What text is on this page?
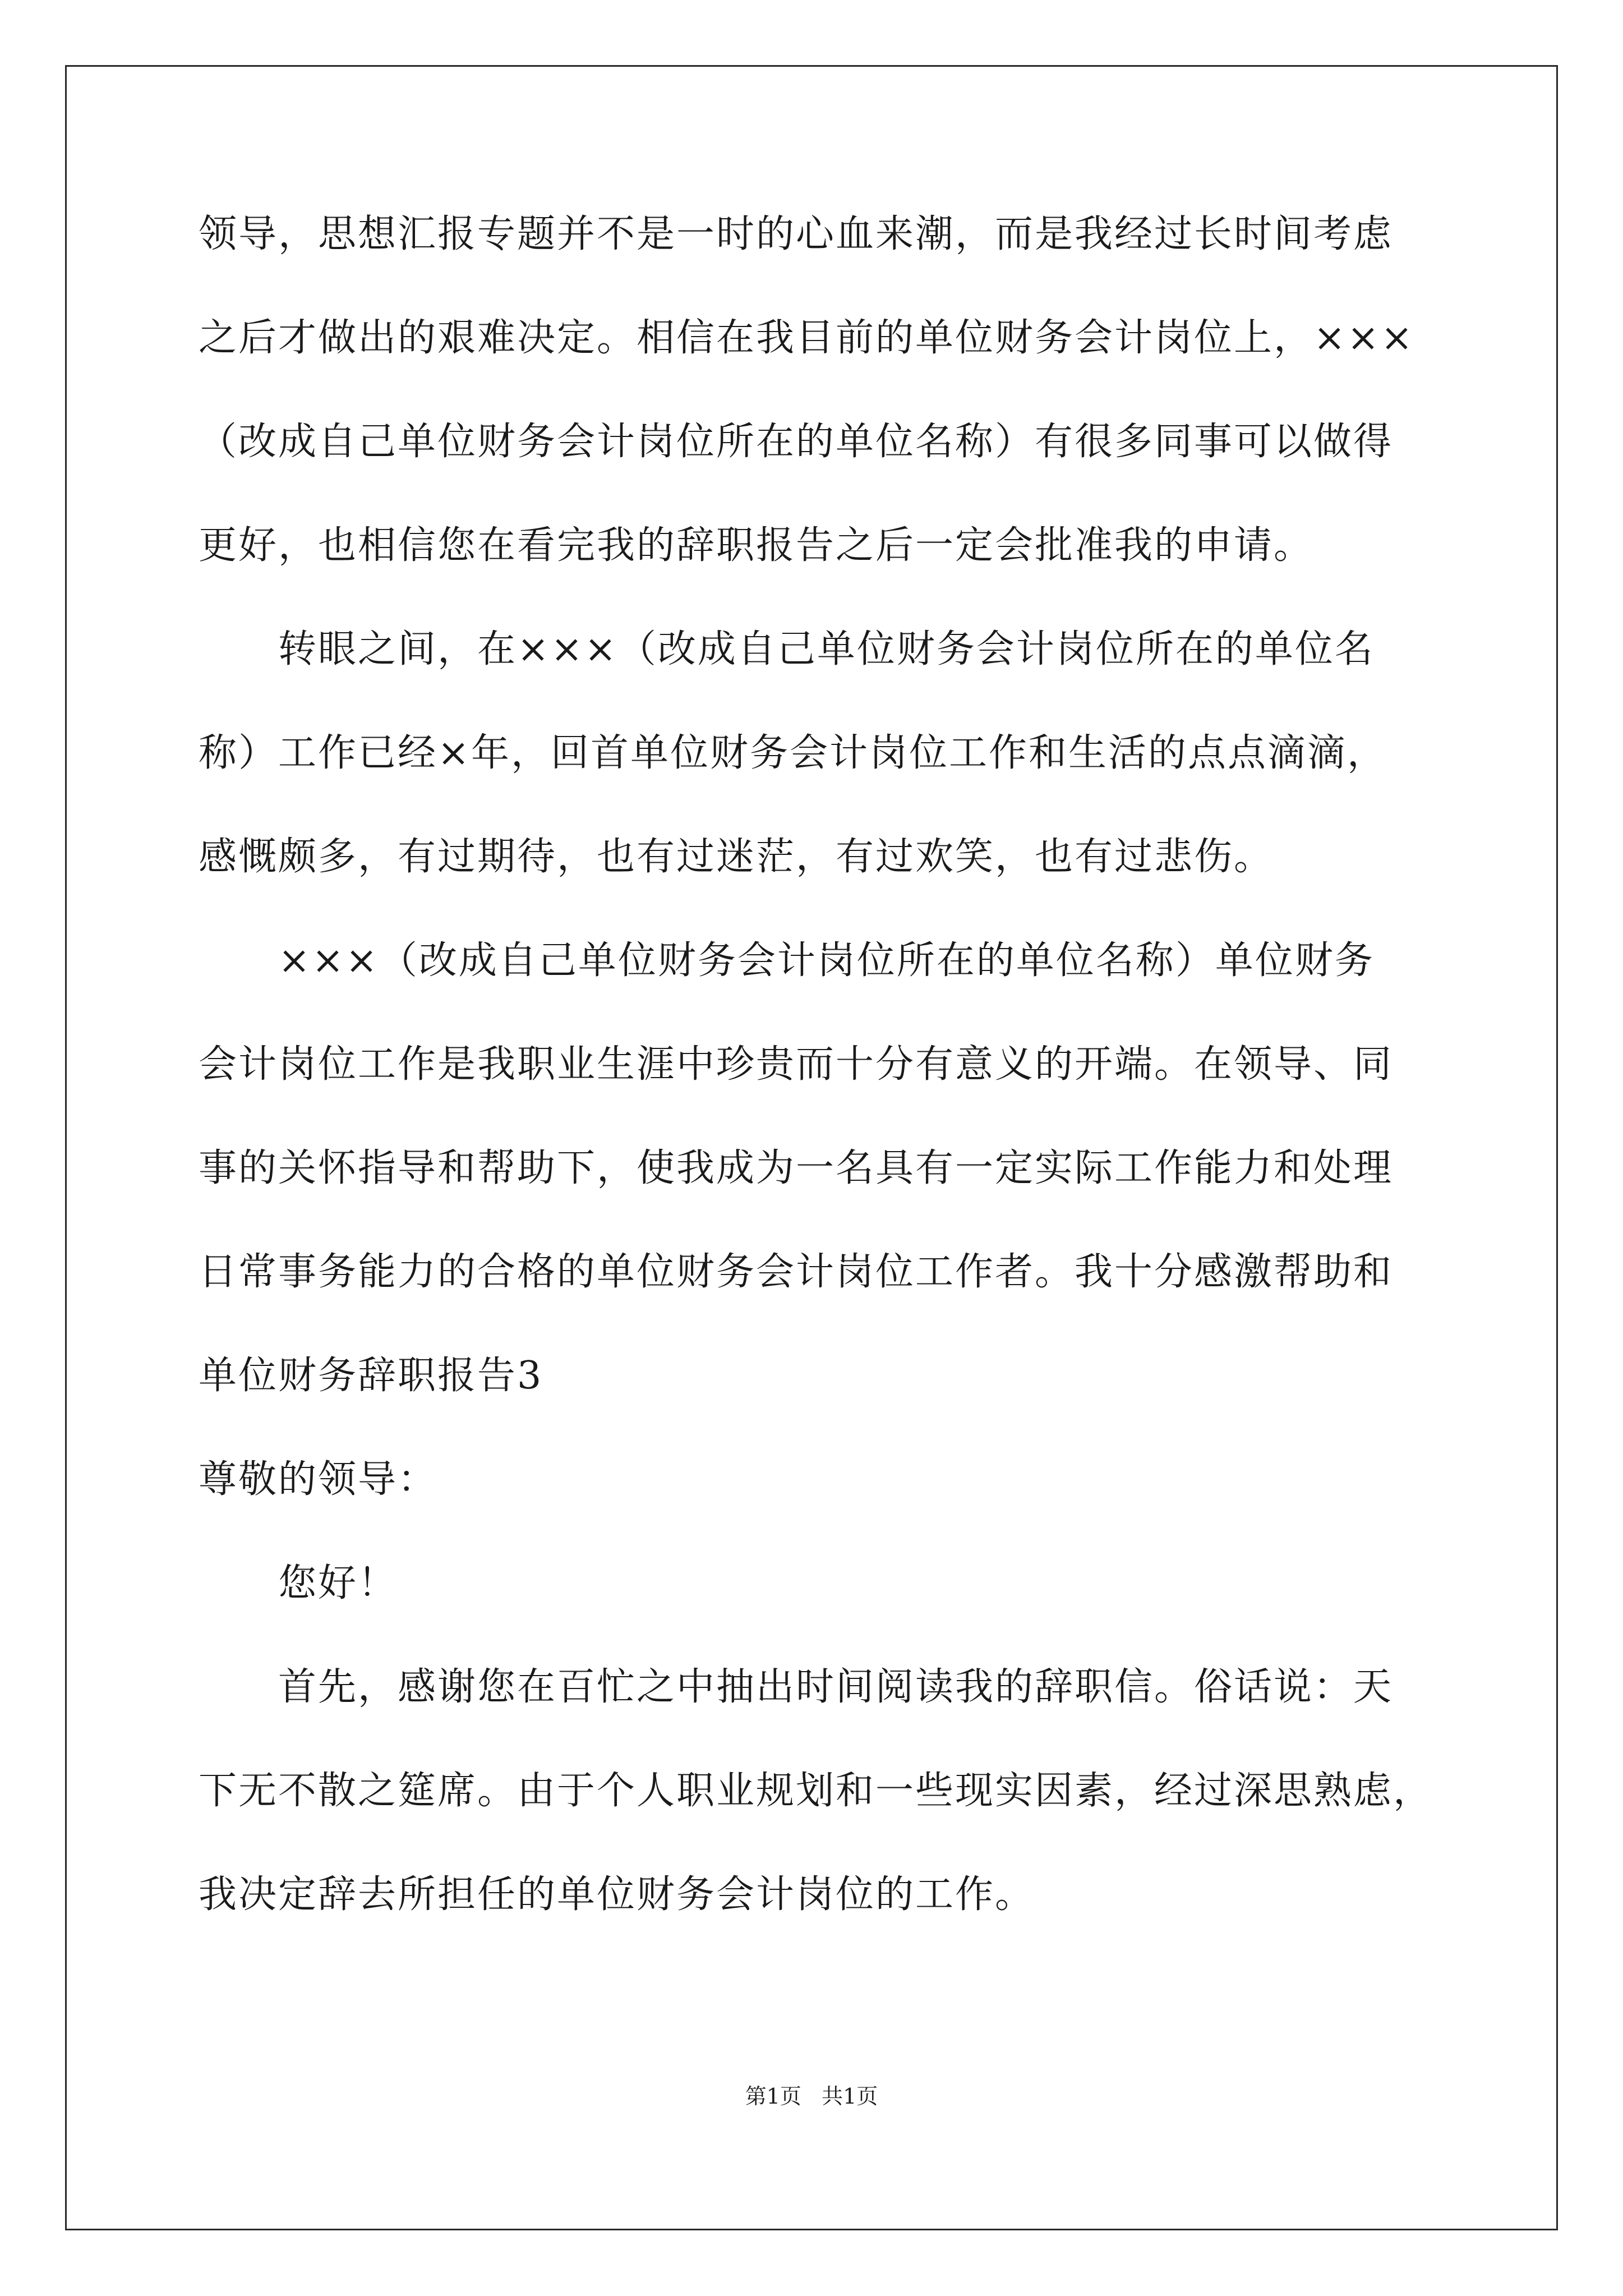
领导，思想汇报专题并不是一时的心血来潮，而是我经过长时间考虑
之后才做出的艰难决定。相信在我目前的单位财务会计岗位上，×××
（改成自己单位财务会计岗位所在的单位名称）有很多同事可以做得
更好，也相信您在看完我的辞职报告之后一定会批准我的申请。
转眼之间，在×××（改成自己单位财务会计岗位所在的单位名
称）工作已经×年，回首单位财务会计岗位工作和生活的点点滴滴，
感慨颇多，有过期待，也有过迷茫，有过欢笑，也有过悲伤。
×××（改成自己单位财务会计岗位所在的单位名称）单位财务
会计岗位工作是我职业生涯中珍贵而十分有意义的开端。在领导、同
事的关怀指导和帮助下，使我成为一名具有一定实际工作能力和处理
日常事务能力的合格的单位财务会计岗位工作者。我十分感激帮助和
单位财务辞职报告3
尊敬的领导：
您好！
首先，感谢您在百忙之中抽出时间阅读我的辞职信。俗话说：天
下无不散之筵席。由于个人职业规划和一些现实因素，经过深思熟虑，
我决定辞去所担任的单位财务会计岗位的工作。
第1页   共1页
